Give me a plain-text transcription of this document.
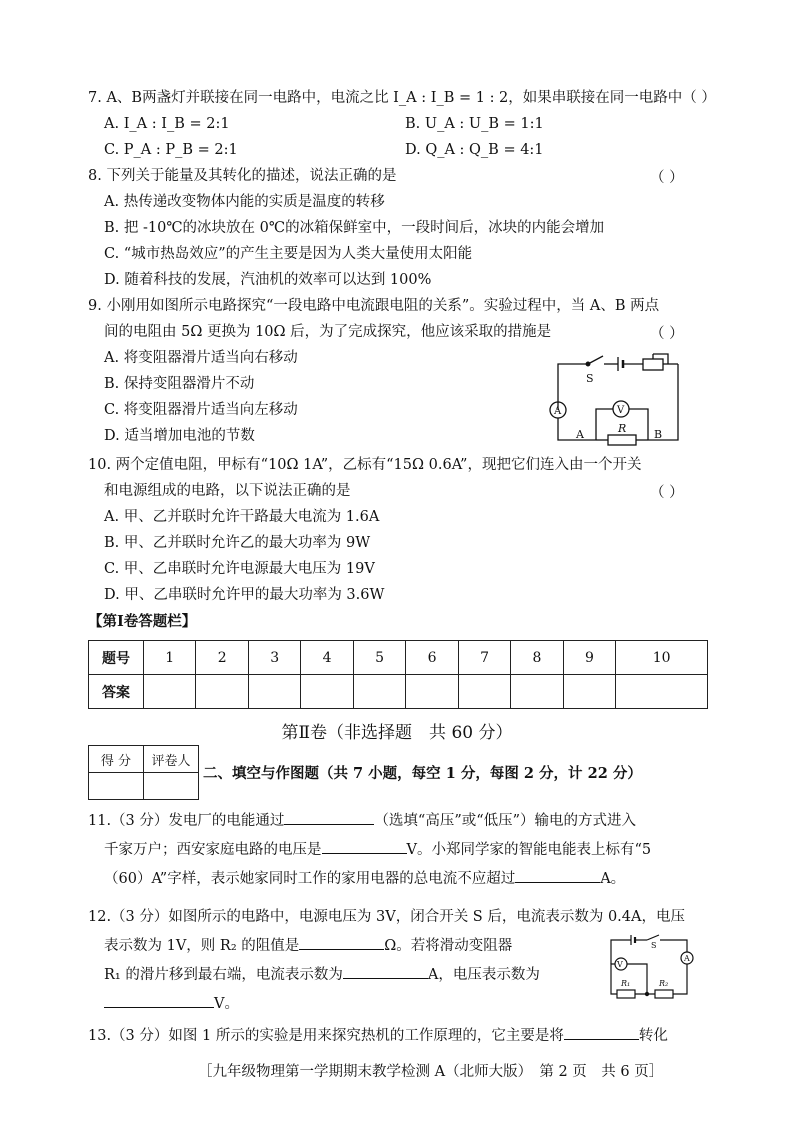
7. A、B两盏灯并联接在同一电路中，电流之比 I_A : I_B = 1 : 2，如果串联接在同一电路中（ ）
A. I_A : I_B = 2:1	B. U_A : U_B = 1:1
C. P_A : P_B = 2:1	D. Q_A : Q_B = 4:1
8. 下列关于能量及其转化的描述，说法正确的是	（ ）
A. 热传递改变物体内能的实质是温度的转移
B. 把 -10℃的冰块放在 0℃的冰箱保鲜室中，一段时间后，冰块的内能会增加
C. “城市热岛效应”的产生主要是因为人类大量使用太阳能
D. 随着科技的发展，汽油机的效率可以达到 100%
9. 小刚用如图所示电路探究“一段电路中电流跟电阻的关系”。实验过程中，当 A、B 两点
间的电阻由 5Ω 更换为 10Ω 后，为了完成探究，他应该采取的措施是	（ ）
A. 将变阻器滑片适当向右移动
B. 保持变阻器滑片不动
C. 将变阻器滑片适当向左移动
D. 适当增加电池的节数
S
A	V
R
A	B
10. 两个定值电阻，甲标有“10Ω 1A”，乙标有“15Ω 0.6A”，现把它们连入由一个开关
和电源组成的电路，以下说法正确的是	（ ）
A. 甲、乙并联时允许干路最大电流为 1.6A
B. 甲、乙并联时允许乙的最大功率为 9W
C. 甲、乙串联时允许电源最大电压为 19V
D. 甲、乙串联时允许甲的最大功率为 3.6W
【第Ⅰ卷答题栏】
题号	1	2	3	4	5	6	7	8	9	10
答案										
第Ⅱ卷（非选择题　共 60 分）
得 分	评卷人

二、填空与作图题（共 7 小题，每空 1 分，每图 2 分，计 22 分）
11.（3 分）发电厂的电能通过	（选填“高压”或“低压”）输电的方式进入
千家万户；西安家庭电路的电压是	V。小郑同学家的智能电能表上标有“5
（60）A”字样，表示她家同时工作的家用电器的总电流不应超过	A。
12.（3 分）如图所示的电路中，电源电压为 3V，闭合开关 S 后，电流表示数为 0.4A，电压
表示数为 1V，则 R₂ 的阻值是	Ω。若将滑动变阻器
R₁ 的滑片移到最右端，电流表示数为	A，电压表示数为
V。
V
A
S
R₁	R₂
13.（3 分）如图 1 所示的实验是用来探究热机的工作原理的，它主要是将	转化
［九年级物理第一学期期末教学检测 A（北师大版）　第 2 页　共 6 页］
